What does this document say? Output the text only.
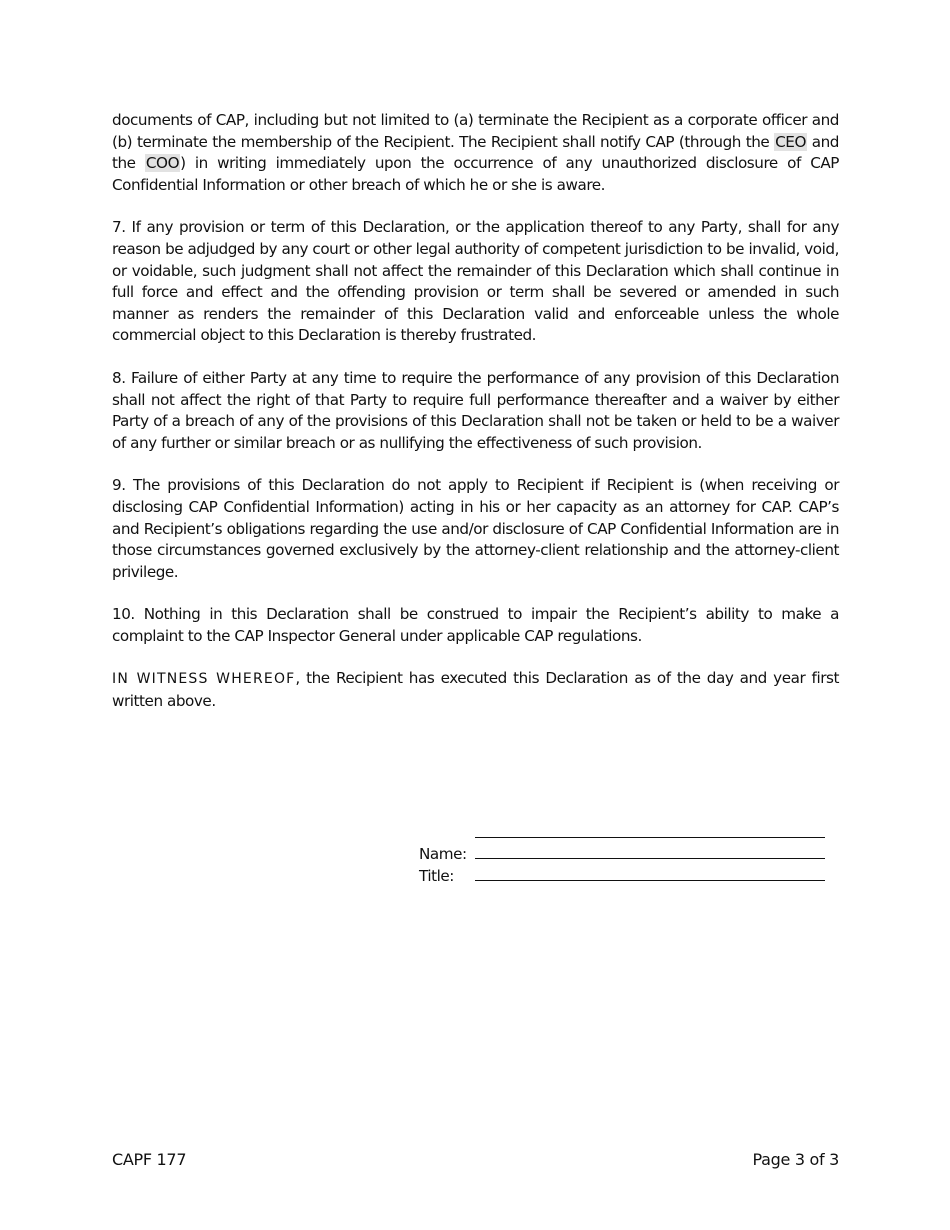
documents of CAP, including but not limited to (a) terminate the Recipient as a corporate officer and (b) terminate the membership of the Recipient. The Recipient shall notify CAP (through the CEO and the COO) in writing immediately upon the occurrence of any unauthorized disclosure of CAP Confidential Information or other breach of which he or she is aware.

7. If any provision or term of this Declaration, or the application thereof to any Party, shall for any reason be adjudged by any court or other legal authority of competent jurisdiction to be invalid, void, or voidable, such judgment shall not affect the remainder of this Declaration which shall continue in full force and effect and the offending provision or term shall be severed or amended in such manner as renders the remainder of this Declaration valid and enforceable unless the whole commercial object to this Declaration is thereby frustrated.

8. Failure of either Party at any time to require the performance of any provision of this Declaration shall not affect the right of that Party to require full performance thereafter and a waiver by either Party of a breach of any of the provisions of this Declaration shall not be taken or held to be a waiver of any further or similar breach or as nullifying the effectiveness of such provision.

9. The provisions of this Declaration do not apply to Recipient if Recipient is (when receiving or disclosing CAP Confidential Information) acting in his or her capacity as an attorney for CAP. CAP’s and Recipient’s obligations regarding the use and/or disclosure of CAP Confidential Information are in those circumstances governed exclusively by the attorney-client relationship and the attorney-client privilege.

10. Nothing in this Declaration shall be construed to impair the Recipient’s ability to make a complaint to the CAP Inspector General under applicable CAP regulations.

IN WITNESS WHEREOF, the Recipient has executed this Declaration as of the day and year first written above.

Name:
Title:
CAPF 177	Page 3 of 3
